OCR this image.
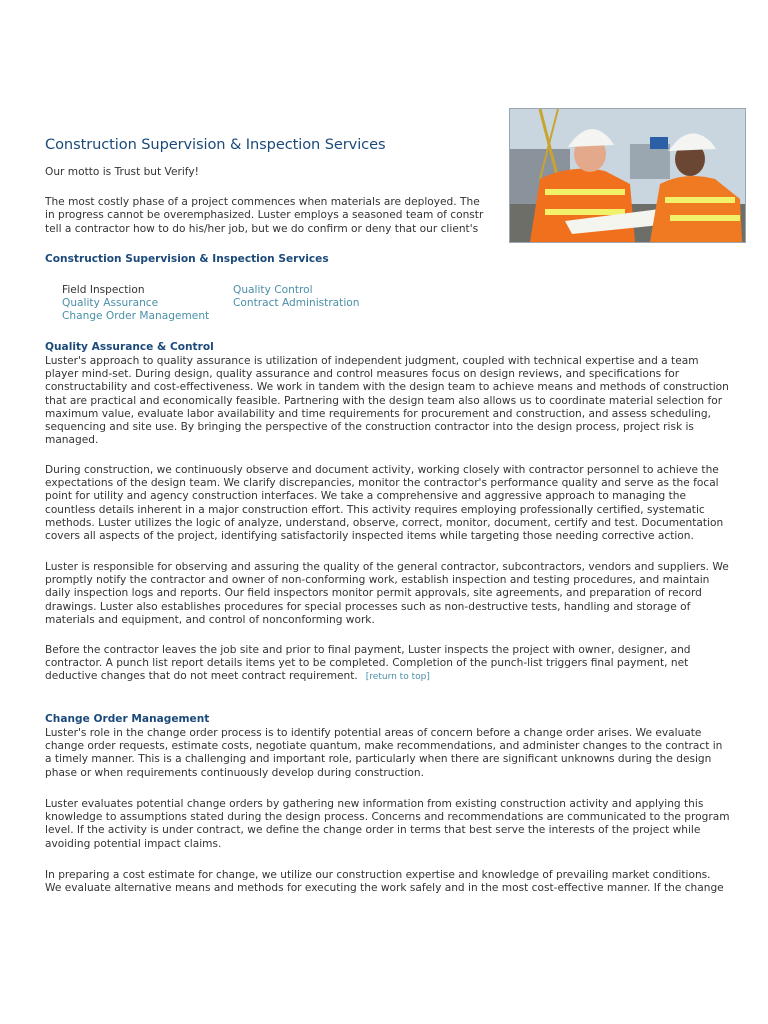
Construction Supervision & Inspection Services

Our motto is Trust but Verify!

The most costly phase of a project commences when materials are deployed. The
in progress cannot be overemphasized. Luster employs a seasoned team of constr
tell a contractor how to do his/her job, but we do confirm or deny that our client's
Construction Supervision & Inspection Services
Field Inspection	Quality Control
Quality Assurance	Contract Administration
Change Order Management
Quality Assurance & Control
Luster's approach to quality assurance is utilization of independent judgment, coupled with technical expertise and a team
player mind-set. During design, quality assurance and control measures focus on design reviews, and specifications for
constructability and cost-effectiveness. We work in tandem with the design team to achieve means and methods of construction
that are practical and economically feasible. Partnering with the design team also allows us to coordinate material selection for
maximum value, evaluate labor availability and time requirements for procurement and construction, and assess scheduling,
sequencing and site use. By bringing the perspective of the construction contractor into the design process, project risk is
managed.
During construction, we continuously observe and document activity, working closely with contractor personnel to achieve the
expectations of the design team. We clarify discrepancies, monitor the contractor's performance quality and serve as the focal
point for utility and agency construction interfaces. We take a comprehensive and aggressive approach to managing the
countless details inherent in a major construction effort. This activity requires employing professionally certified, systematic
methods. Luster utilizes the logic of analyze, understand, observe, correct, monitor, document, certify and test. Documentation
covers all aspects of the project, identifying satisfactorily inspected items while targeting those needing corrective action.
Luster is responsible for observing and assuring the quality of the general contractor, subcontractors, vendors and suppliers. We
promptly notify the contractor and owner of non-conforming work, establish inspection and testing procedures, and maintain
daily inspection logs and reports. Our field inspectors monitor permit approvals, site agreements, and preparation of record
drawings. Luster also establishes procedures for special processes such as non-destructive tests, handling and storage of
materials and equipment, and control of nonconforming work.
Before the contractor leaves the job site and prior to final payment, Luster inspects the project with owner, designer, and
contractor. A punch list report details items yet to be completed. Completion of the punch-list triggers final payment, net
deductive changes that do not meet contract requirement. [return to top]
Change Order Management
Luster's role in the change order process is to identify potential areas of concern before a change order arises. We evaluate
change order requests, estimate costs, negotiate quantum, make recommendations, and administer changes to the contract in
a timely manner. This is a challenging and important role, particularly when there are significant unknowns during the design
phase or when requirements continuously develop during construction.
Luster evaluates potential change orders by gathering new information from existing construction activity and applying this
knowledge to assumptions stated during the design process. Concerns and recommendations are communicated to the program
level. If the activity is under contract, we define the change order in terms that best serve the interests of the project while
avoiding potential impact claims.
In preparing a cost estimate for change, we utilize our construction expertise and knowledge of prevailing market conditions.
We evaluate alternative means and methods for executing the work safely and in the most cost-effective manner. If the change
